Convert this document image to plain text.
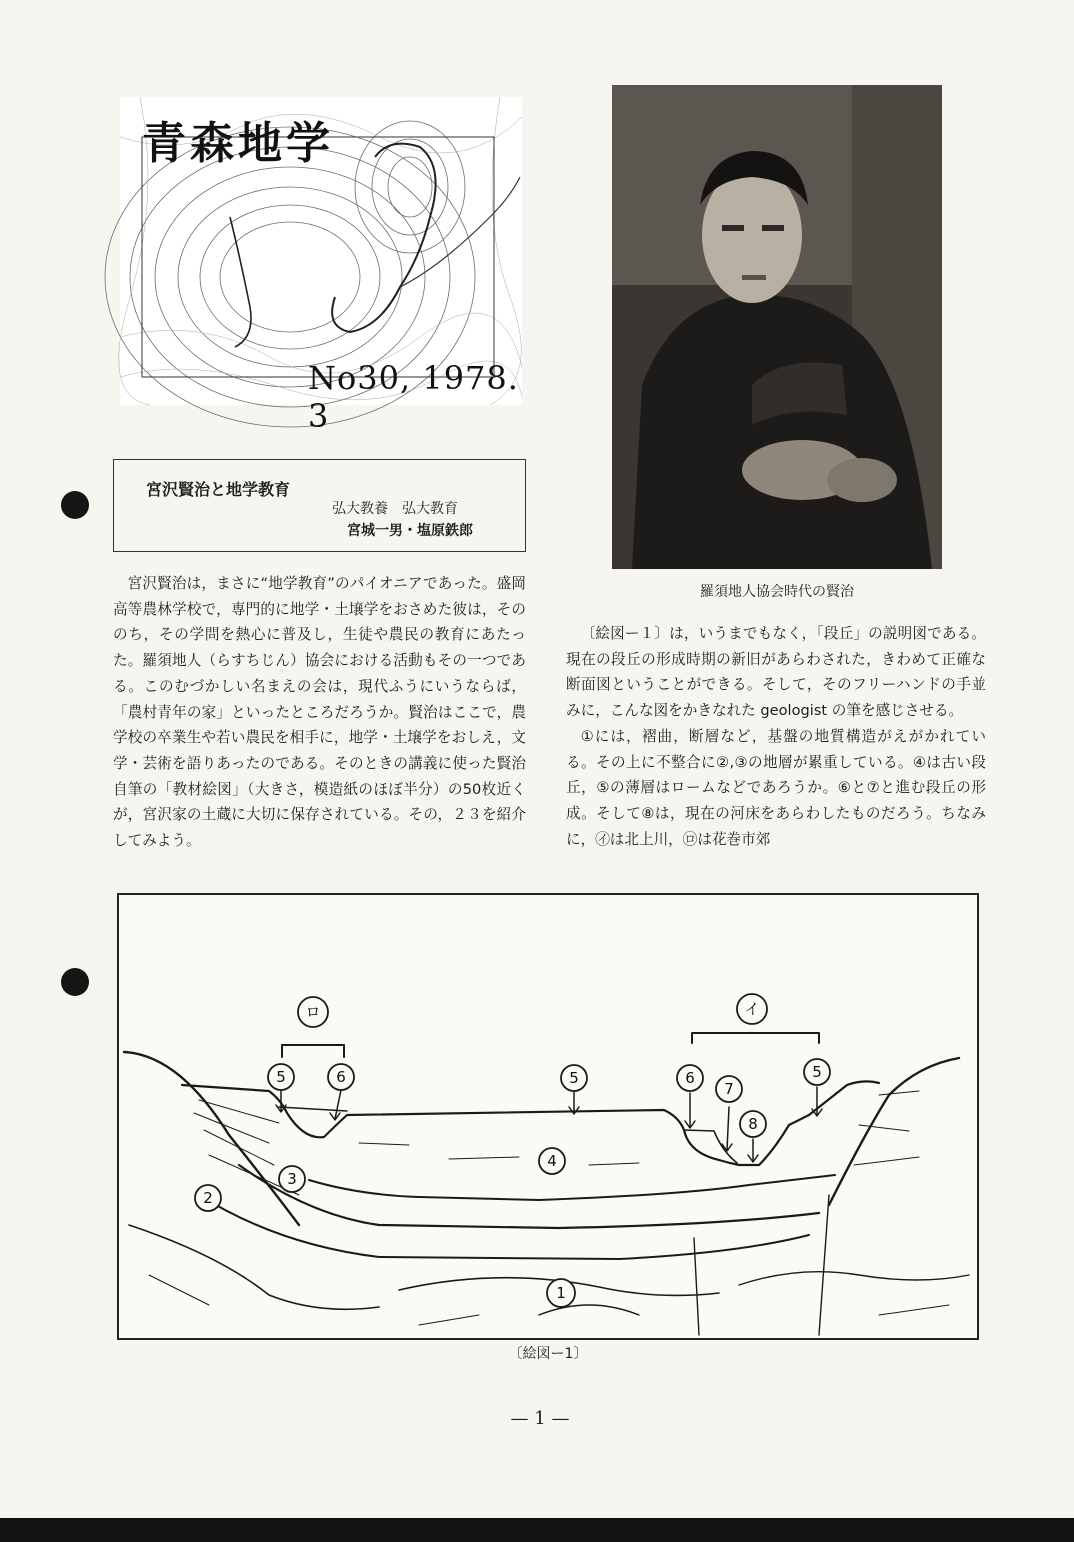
青森地学
No30, 1978. 3
羅須地人協会時代の賢治
宮沢賢治と地学教育
弘大教養　弘大教育
宮城一男・塩原鉄郎
宮沢賢治は，まさに“地学教育”のパイオニアであった。盛岡高等農林学校で，専門的に地学・土壌学をおさめた彼は，そののち，その学問を熱心に普及し，生徒や農民の教育にあたった。羅須地人（らすちじん）協会における活動もその一つである。このむづかしい名まえの会は，現代ふうにいうならば，「農村青年の家」といったところだろうか。賢治はここで，農学校の卒業生や若い農民を相手に，地学・土壌学をおしえ，文学・芸術を語りあったのである。そのときの講義に使った賢治自筆の「教材絵図」（大きさ，模造紙のほぼ半分）の50枚近くが，宮沢家の土蔵に大切に保存されている。その，２３を紹介してみよう。

〔絵図ー１〕は，いうまでもなく，「段丘」の説明図である。現在の段丘の形成時期の新旧があらわされた，きわめて正確な断面図ということができる。そして，そのフリーハンドの手並みに，こんな図をかきなれた geologist の筆を感じさせる。

①には，褶曲，断層など，基盤の地質構造がえがかれている。その上に不整合に②,③の地層が累重している。④は古い段丘，⑤の薄層はロームなどであろうか。⑥と⑦と進む段丘の形成。そして⑧は，現在の河床をあらわしたものだろう。ちなみに，㋑は北上川，㋺は花巻市郊

ロ	イ
5	6	5	6
7
8
5
4
3
2
1
〔絵図ー1〕
— 1 —
